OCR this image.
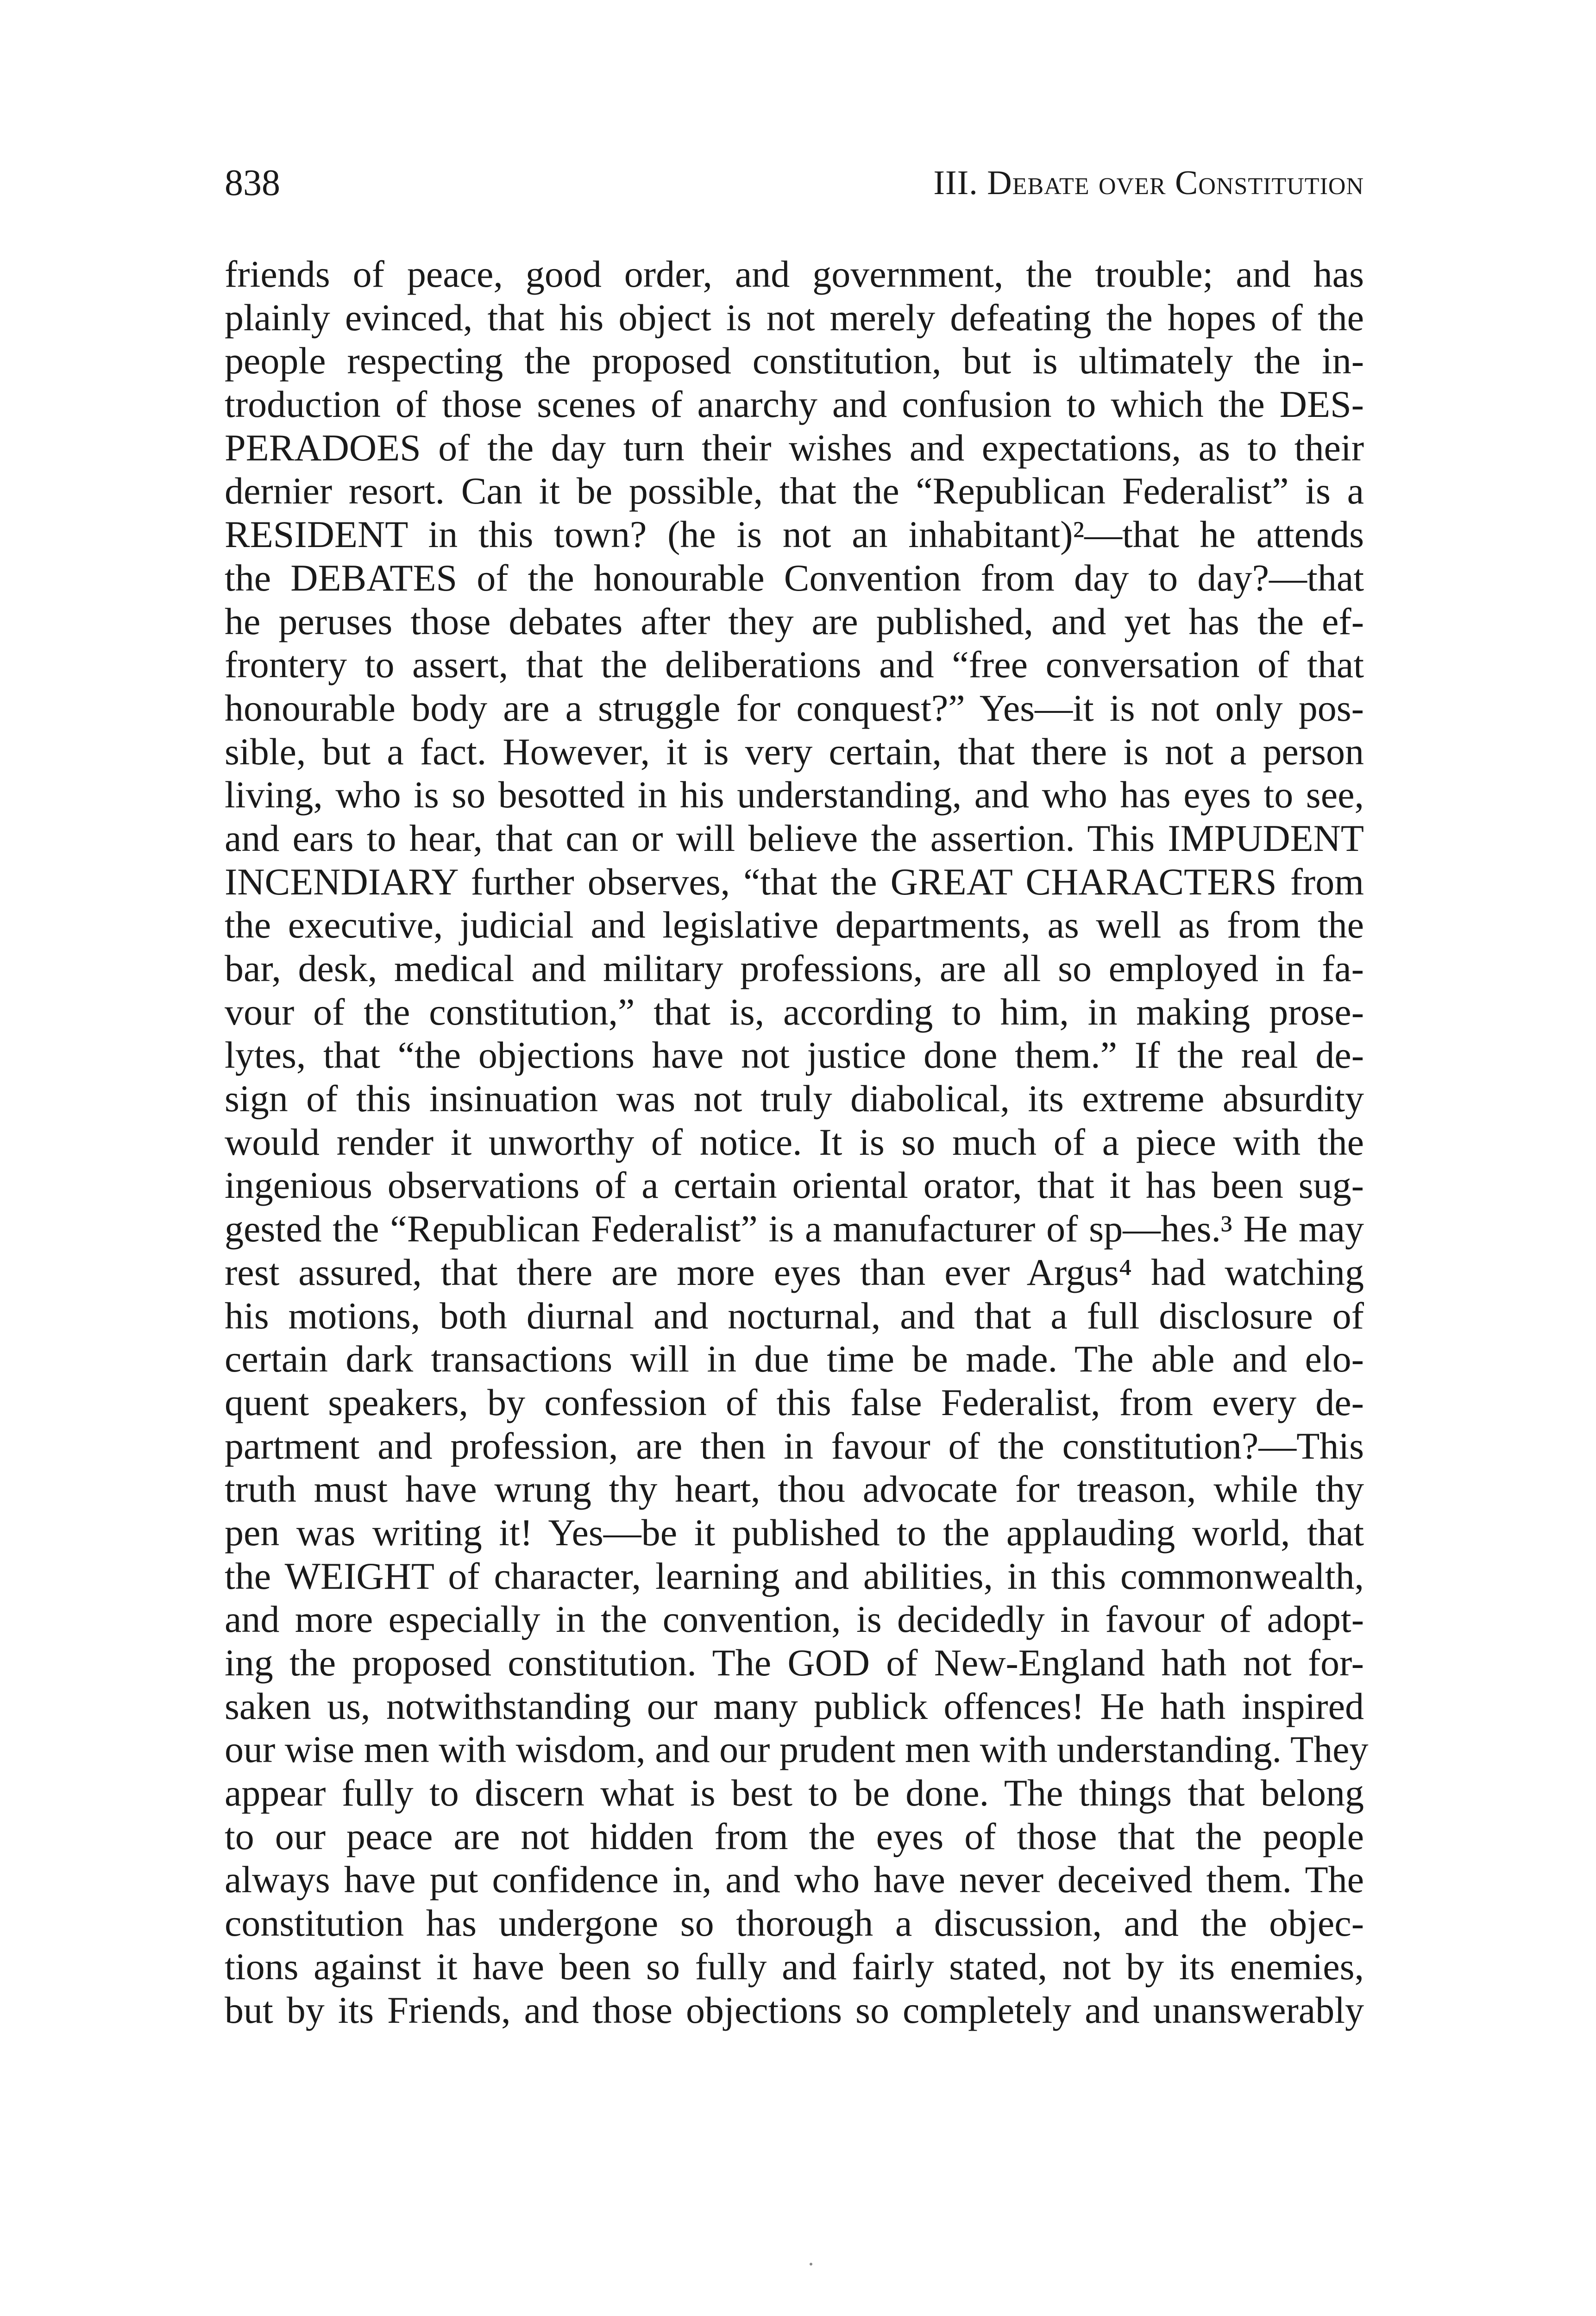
838	III. Debate over Constitution
friends of peace, good order, and government, the trouble; and has
plainly evinced, that his object is not merely defeating the hopes of the
people respecting the proposed constitution, but is ultimately the in-
troduction of those scenes of anarchy and confusion to which the DES-
PERADOES of the day turn their wishes and expectations, as to their
dernier resort. Can it be possible, that the “Republican Federalist” is a
RESIDENT in this town? (he is not an inhabitant)²—that he attends
the DEBATES of the honourable Convention from day to day?—that
he peruses those debates after they are published, and yet has the ef-
frontery to assert, that the deliberations and “free conversation of that
honourable body are a struggle for conquest?” Yes—it is not only pos-
sible, but a fact. However, it is very certain, that there is not a person
living, who is so besotted in his understanding, and who has eyes to see,
and ears to hear, that can or will believe the assertion. This IMPUDENT
INCENDIARY further observes, “that the GREAT CHARACTERS from
the executive, judicial and legislative departments, as well as from the
bar, desk, medical and military professions, are all so employed in fa-
vour of the constitution,” that is, according to him, in making prose-
lytes, that “the objections have not justice done them.” If the real de-
sign of this insinuation was not truly diabolical, its extreme absurdity
would render it unworthy of notice. It is so much of a piece with the
ingenious observations of a certain oriental orator, that it has been sug-
gested the “Republican Federalist” is a manufacturer of sp—hes.³ He may
rest assured, that there are more eyes than ever Argus⁴ had watching
his motions, both diurnal and nocturnal, and that a full disclosure of
certain dark transactions will in due time be made. The able and elo-
quent speakers, by confession of this false Federalist, from every de-
partment and profession, are then in favour of the constitution?—This
truth must have wrung thy heart, thou advocate for treason, while thy
pen was writing it! Yes—be it published to the applauding world, that
the WEIGHT of character, learning and abilities, in this commonwealth,
and more especially in the convention, is decidedly in favour of adopt-
ing the proposed constitution. The GOD of New-England hath not for-
saken us, notwithstanding our many publick offences! He hath inspired
our wise men with wisdom, and our prudent men with understanding. They
appear fully to discern what is best to be done. The things that belong
to our peace are not hidden from the eyes of those that the people
always have put confidence in, and who have never deceived them. The
constitution has undergone so thorough a discussion, and the objec-
tions against it have been so fully and fairly stated, not by its enemies,
but by its Friends, and those objections so completely and unanswerably
